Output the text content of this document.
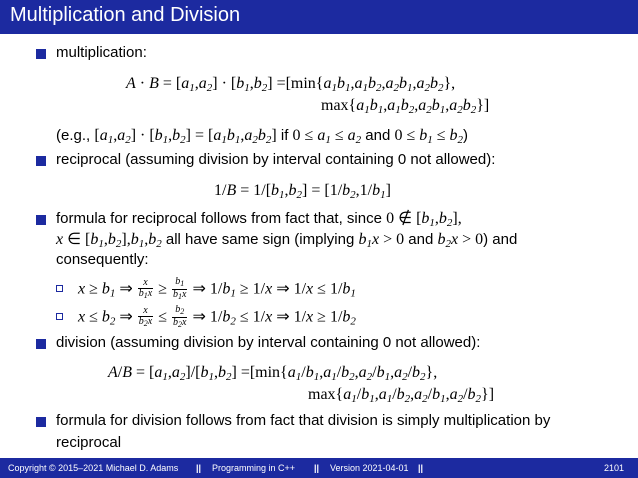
Multiplication and Division
multiplication:
$A \cdot B = [a_1,a_2] \cdot [b_1,b_2] =[\min\{a_1b_1,a_1b_2,a_2b_1,a_2b_2\}$,
$\max\{a_1b_1,a_1b_2,a_2b_1,a_2b_2\}$]
(e.g., $[a_1,a_2] \cdot [b_1,b_2] = [a_1b_1,a_2b_2]$ if $0 \le a_1 \le a_2$ and $0 \le b_1 \le b_2$)
reciprocal (assuming division by interval containing 0 not allowed):
$1/B = 1/[b_1,b_2] = [1/b_2,1/b_1]$
formula for reciprocal follows from fact that, since 0 ∉ $[b_1,b_2]$,
x ∈ $[b_1,b_2],b_1,b_2$ all have same sign (implying $b_1x > 0$ and $b_2x > 0$) and
consequently:
$x \ge b_1$ ⇒ $\frac{x}{b_1x} \ge \frac{b_1}{b_1x}$ ⇒ $1/b_1 \ge 1/x$ ⇒ $1/x \le 1/b_1$
$x \le b_2$ ⇒ $\frac{x}{b_2x} \le \frac{b_2}{b_2x}$ ⇒ $1/b_2 \le 1/x$ ⇒ $1/x \ge 1/b_2$
division (assuming division by interval containing 0 not allowed):
$A/B = [a_1,a_2]/[b_1,b_2] =[\min\{a_1/b_1,a_1/b_2,a_2/b_1,a_2/b_2\}$,
$\max\{a_1/b_1,a_1/b_2,a_2/b_1,a_2/b_2\}$]
formula for division follows from fact that division is simply multiplication by
reciprocal
Copyright © 2015–2021 Michael D. Adams || Programming in C++ || Version 2021-04-01 ||	2101
